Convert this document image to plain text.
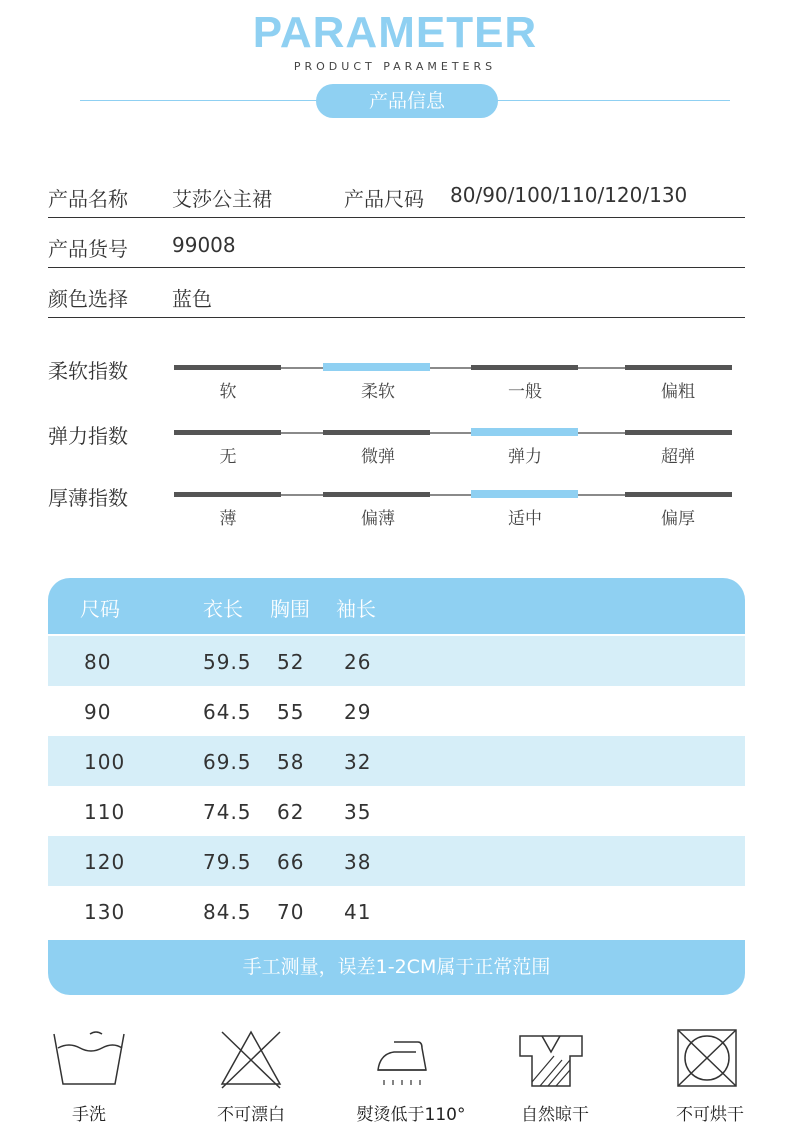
PARAMETER
PRODUCT PARAMETERS
产品信息
产品名称 艾莎公主裙	产品尺码 80/90/100/110/120/130
产品货号 99008
颜色选择 蓝色
柔软指数
软	柔软	一般	偏粗
弹力指数
无	微弹	弹力	超弹
厚薄指数
薄	偏薄	适中	偏厚
尺码	衣长 胸围 袖长
80	59.5 52 26
90	64.5 55 29
100	69.5 58 32
110	74.5 62 35
120	79.5 66 38
130	84.5 70 41
手工测量，误差1-2CM属于正常范围
手洗	不可漂白	熨烫低于110°	自然晾干	不可烘干
